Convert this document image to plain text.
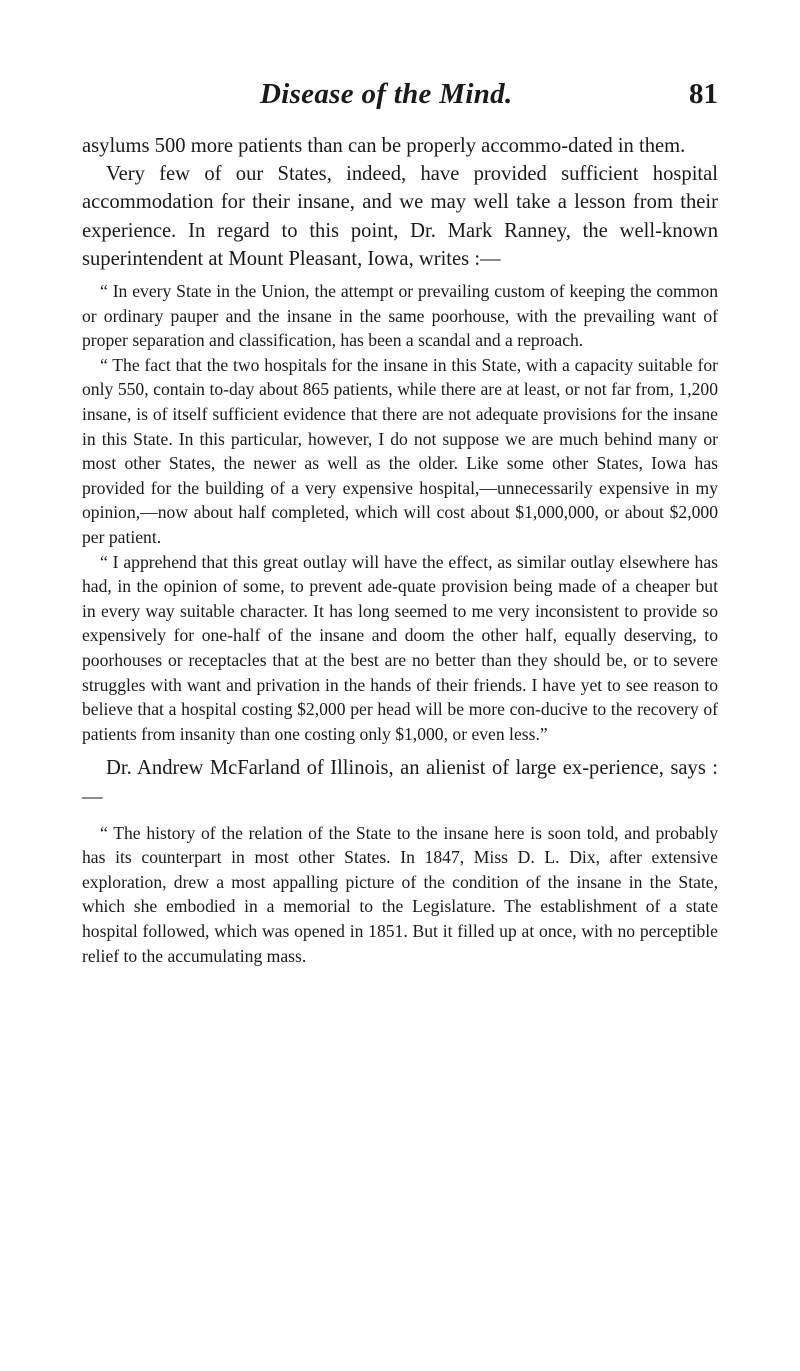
Disease of the Mind.	81

asylums 500 more patients than can be properly accommo-dated in them.

Very few of our States, indeed, have provided sufficient hospital accommodation for their insane, and we may well take a lesson from their experience. In regard to this point, Dr. Mark Ranney, the well-known superintendent at Mount Pleasant, Iowa, writes :—

“ In every State in the Union, the attempt or prevailing custom of keeping the common or ordinary pauper and the insane in the same poorhouse, with the prevailing want of proper separation and classification, has been a scandal and a reproach.

“ The fact that the two hospitals for the insane in this State, with a capacity suitable for only 550, contain to-day about 865 patients, while there are at least, or not far from, 1,200 insane, is of itself sufficient evidence that there are not adequate provisions for the insane in this State. In this particular, however, I do not suppose we are much behind many or most other States, the newer as well as the older. Like some other States, Iowa has provided for the building of a very expensive hospital,—unnecessarily expensive in my opinion,—now about half completed, which will cost about $1,000,000, or about $2,000 per patient.

“ I apprehend that this great outlay will have the effect, as similar outlay elsewhere has had, in the opinion of some, to prevent ade-quate provision being made of a cheaper but in every way suitable character. It has long seemed to me very inconsistent to provide so expensively for one-half of the insane and doom the other half, equally deserving, to poorhouses or receptacles that at the best are no better than they should be, or to severe struggles with want and privation in the hands of their friends. I have yet to see reason to believe that a hospital costing $2,000 per head will be more con-ducive to the recovery of patients from insanity than one costing only $1,000, or even less.”

Dr. Andrew McFarland of Illinois, an alienist of large ex-perience, says :—

“ The history of the relation of the State to the insane here is soon told, and probably has its counterpart in most other States. In 1847, Miss D. L. Dix, after extensive exploration, drew a most appalling picture of the condition of the insane in the State, which she embodied in a memorial to the Legislature. The establishment of a state hospital followed, which was opened in 1851. But it filled up at once, with no perceptible relief to the accumulating mass.
